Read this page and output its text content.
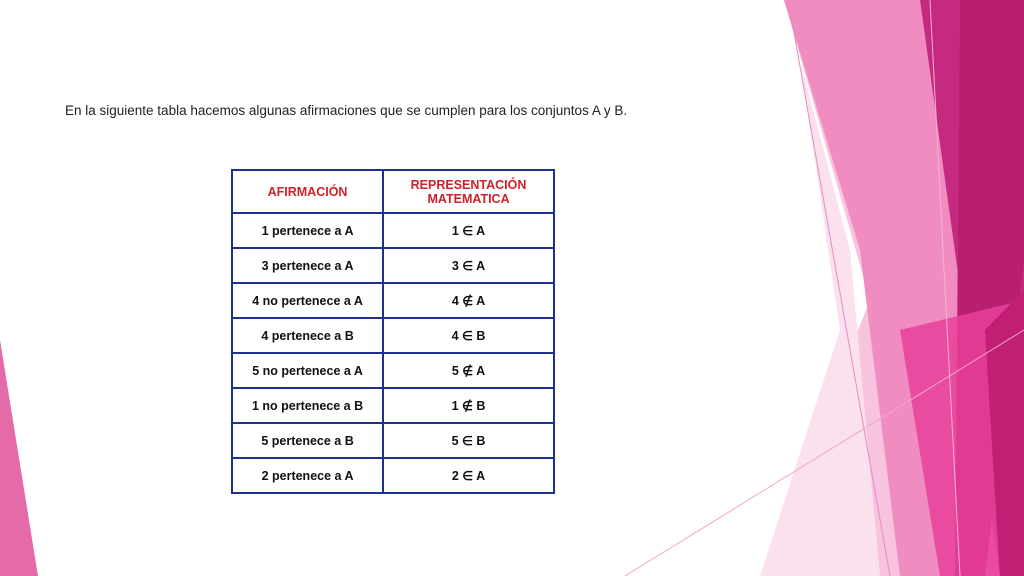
En la siguiente tabla hacemos algunas afirmaciones que se cumplen para los conjuntos A y B.

AFIRMACIÓN	REPRESENTACIÓN MATEMATICA
1 pertenece a A	1 ∈ A
3 pertenece a A	3 ∈ A
4 no pertenece a A	4 ∉ A
4 pertenece a B	4 ∈ B
5 no pertenece a A	5 ∉ A
1 no pertenece a B	1 ∉ B
5 pertenece a B	5 ∈ B
2 pertenece a A	2 ∈ A
